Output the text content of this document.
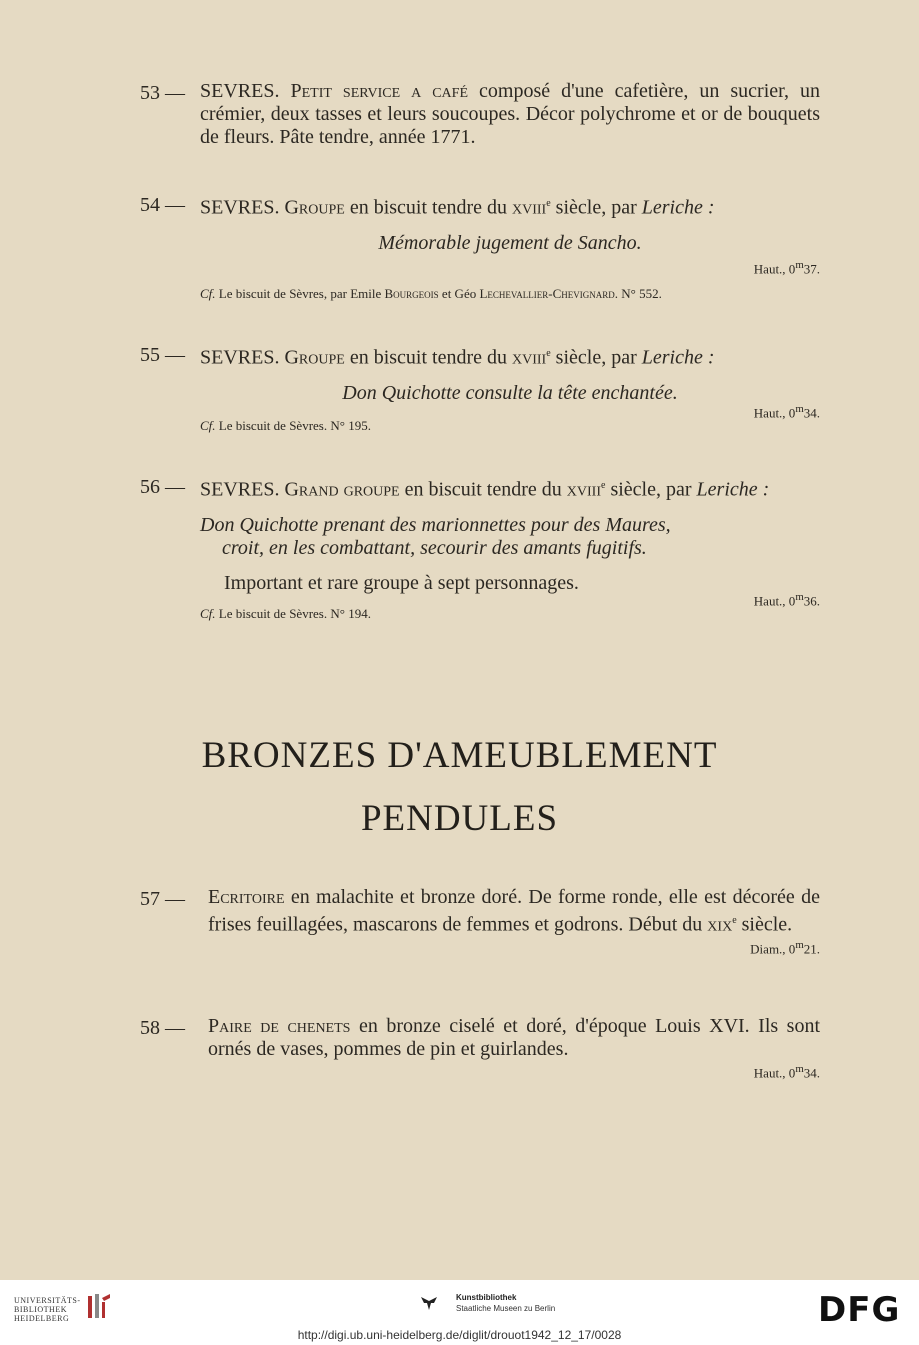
53 — SEVRES. Petit service a café composé d'une cafetière, un sucrier, un crémier, deux tasses et leurs soucoupes. Décor polychrome et or de bouquets de fleurs. Pâte tendre, année 1771.
54 — SEVRES. Groupe en biscuit tendre du xviii$^e$ siècle, par Leriche :
Mémorable jugement de Sancho.
Haut., 0$^m$37.
Cf. Le biscuit de Sèvres, par Emile Bourgeois et Géo Lechevallier-Chevignard. N° 552.
55 — SEVRES. Groupe en biscuit tendre du xviii$^e$ siècle, par Leriche :
Don Quichotte consulte la tête enchantée.
Haut., 0$^m$34.
Cf. Le biscuit de Sèvres. N° 195.
56 — SEVRES. Grand groupe en biscuit tendre du xviii$^e$ siècle, par Leriche :
Don Quichotte prenant des marionnettes pour des Maures,
croit, en les combattant, secourir des amants fugitifs.
Important et rare groupe à sept personnages.
Haut., 0$^m$36.
Cf. Le biscuit de Sèvres. N° 194.
BRONZES D'AMEUBLEMENT
PENDULES
57 — Ecritoire en malachite et bronze doré. De forme ronde, elle est décorée de frises feuillagées, mascarons de femmes et godrons. Début du xix$^e$ siècle.
Diam., 0$^m$21.
58 — Paire de chenets en bronze ciselé et doré, d'époque Louis XVI. Ils sont ornés de vases, pommes de pin et guirlandes.
Haut., 0$^m$34.
UNIVERSITÄTS-
BIBLIOTHEK
HEIDELBERG
Kunstbibliothek
Staatliche Museen zu Berlin	DFG
http://digi.ub.uni-heidelberg.de/diglit/drouot1942_12_17/0028
